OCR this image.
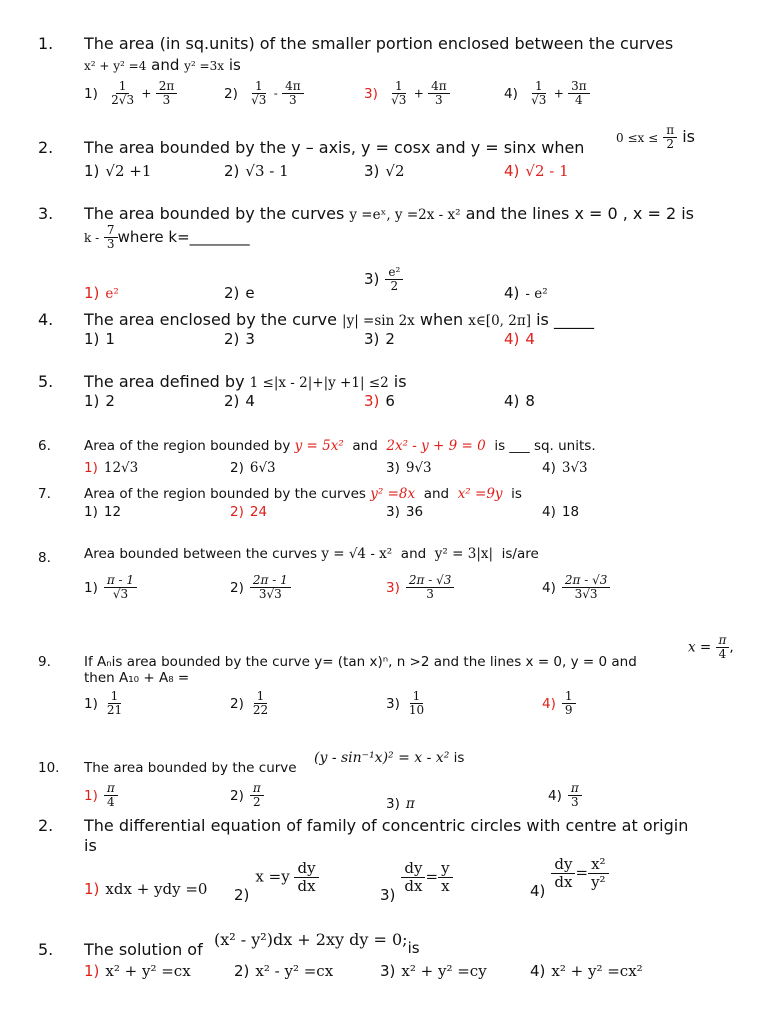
1. The area (in sq.units) of the smaller portion enclosed between the curves
x² + y² =4 and y² =3x is
$1) \frac{1}{2√3} + \frac{2\pi}{3}$	$2) \frac{1}{√3} - \frac{4\pi}{3}$	$3) \frac{1}{√3} + \frac{4\pi}{3}$	$4) \frac{1}{√3} + \frac{3\pi}{4}$
2. The area bounded by the y – axis, y = cosx and y = sinx when	$0 \le x \le \frac{\pi}{2}$ is
1) √2 +1	2) √3 - 1	3) √2	4) √2 - 1
3. The area bounded by the curves y =eˣ, y =2x - x² and the lines x = 0 , x = 2 is
k - $\frac{7}{3}$ where k=________
1) e²	2) e
$3) \frac{\text{e²}}{2}$	4) - e²
4. The area enclosed by the curve |y| =sin 2x when x∈[0, 2π] is _____
1) 1	2) 3	3) 2	4) 4
5. The area defined by 1 ≤|x - 2|+|y +1| ≤2 is
1) 2	2) 4	3) 6	4) 8
6. Area of the region bounded by y = 5x² and 2x² - y + 9 = 0 is ___ sq. units.
1) 12√3	2) 6√3	3) 9√3	4) 3√3
7. Area of the region bounded by the curves y² =8x and x² =9y is
1) 12	2) 24	3) 36	4) 18
8. Area bounded between the curves y = √4 - x² and y² = 3|x| is/are
$1) \frac{\pi - 1}{√3}$	$2) \frac{2\pi - 1}{3√3}$	$3) \frac{2\pi - √3}{3}$	$4) \frac{2\pi - √3}{3√3}$
9. If Aₙis area bounded by the curve y= (tan x)ⁿ, n >2 and the lines x = 0, y = 0 and
then A₁₀ + A₈ =
$x = \frac{\pi}{4}$ ,
$1) \frac{1}{21}$	$2) \frac{1}{22}$	$3) \frac{1}{10}$	$4) \frac{1}{9}$
10. The area bounded by the curve
(y - sin⁻¹x)² = x - x² is
$1) \frac{\pi}{4}$	$2) \frac{\pi}{2}$	3) π
$4) \frac{\pi}{3}$
2. The differential equation of family of concentric circles with centre at origin
is
1) xdx + ydy =0 $2)x =y \frac{dy}{dx}$
3)
$\frac{dy}{dx} = \frac{y}{x}$	4)
$\frac{dy}{dx} = \frac{\text{x²}}{\text{y²}}$
5. The solution of
(x² - y²)dx + 2xy dy = 0;is
1) x² + y² =cx	2) x² - y² =cx	3) x² + y² =cy	4) x² + y² =cx²
